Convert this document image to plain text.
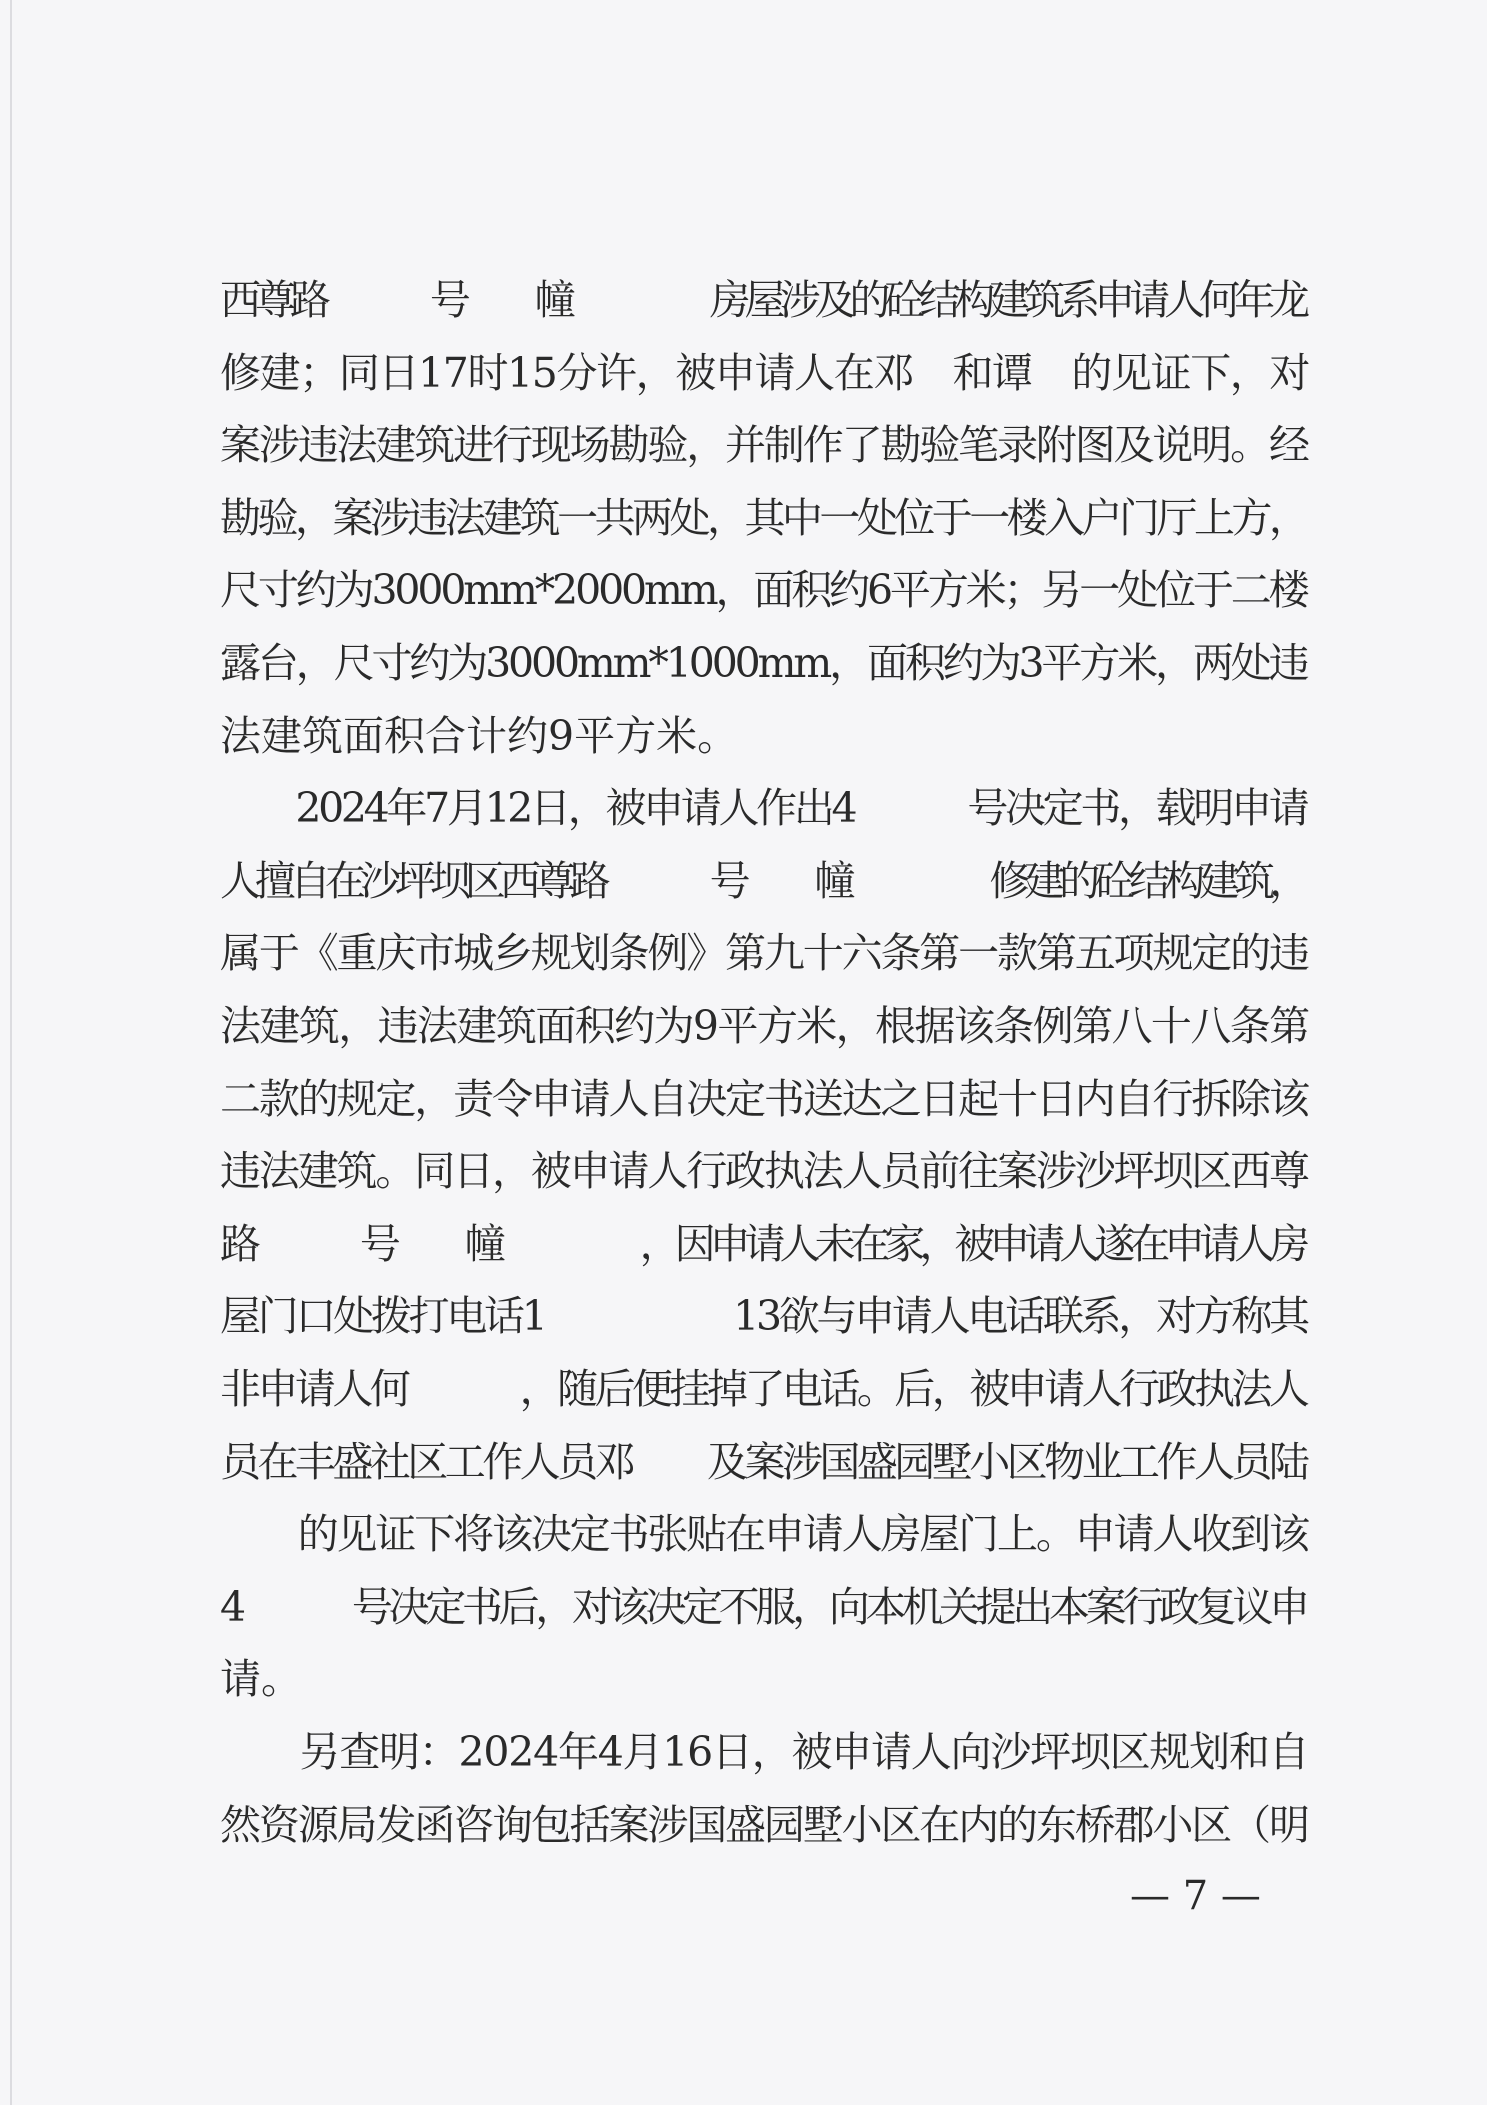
西尊路　　　号　　幢　　　　房屋涉及的砼结构建筑系申请人何年龙
修建；同日17时15分许，被申请人在邓　和谭　的见证下，对
案涉违法建筑进行现场勘验，并制作了勘验笔录附图及说明。经
勘验，案涉违法建筑一共两处，其中一处位于一楼入户门厅上方，
尺寸约为3000mm*2000mm，面积约6平方米；另一处位于二楼
露台，尺寸约为3000mm*1000mm，面积约为3平方米，两处违
法建筑面积合计约9平方米。
　　2024年7月12日，被申请人作出4　　　号决定书，载明申请
人擅自在沙坪坝区西尊路　　　号　　幢　　　　修建的砼结构建筑，
属于《重庆市城乡规划条例》第九十六条第一款第五项规定的违
法建筑，违法建筑面积约为9平方米，根据该条例第八十八条第
二款的规定，责令申请人自决定书送达之日起十日内自行拆除该
违法建筑。同日，被申请人行政执法人员前往案涉沙坪坝区西尊
路　　　号　　幢　　　　，因申请人未在家，被申请人遂在申请人房
屋门口处拨打电话1　　　　　13欲与申请人电话联系，对方称其
非申请人何　　　，随后便挂掉了电话。后，被申请人行政执法人
员在丰盛社区工作人员邓　　及案涉国盛园墅小区物业工作人员陆
　　的见证下将该决定书张贴在申请人房屋门上。申请人收到该
4　　　号决定书后，对该决定不服，向本机关提出本案行政复议申
请。
　　另查明：2024年4月16日，被申请人向沙坪坝区规划和自
然资源局发函咨询包括案涉国盛园墅小区在内的东桥郡小区（明
— 7 —
